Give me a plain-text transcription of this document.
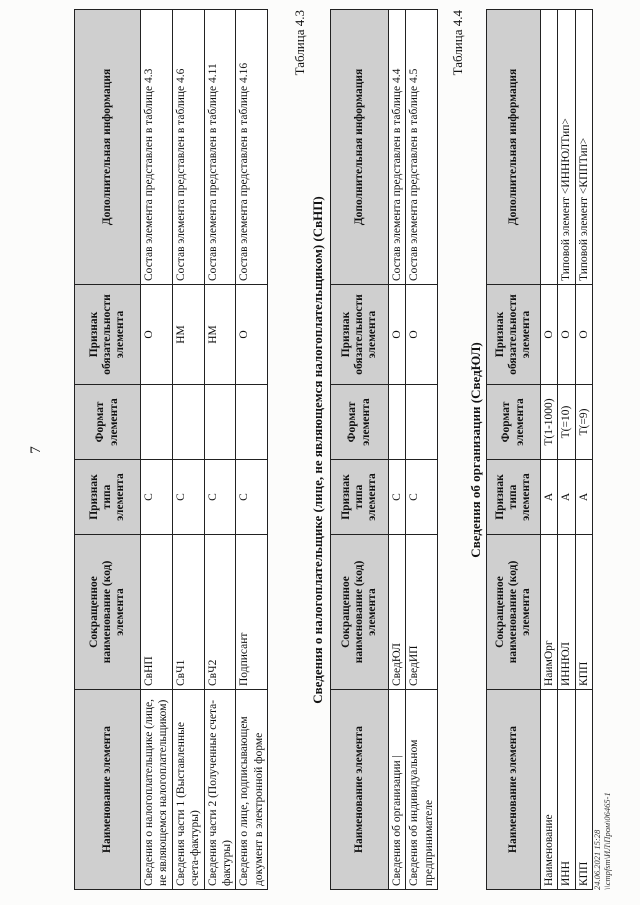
7
Наименование элемента	Сокращенное наименование (код) элемента	Признак типа элемента	Формат элемента	Признак обязательности элемента	Дополнительная информация
Сведения о налогоплательщике (лице, не являющемся налогоплательщиком)	СвНП	С		О	Состав элемента представлен в таблице 4.3
Сведения части 1 (Выставленные счета-фактуры)	СвЧ1	С		НМ	Состав элемента представлен в таблице 4.6
Сведения части 2 (Полученные счета-фактуры)	СвЧ2	С		НМ	Состав элемента представлен в таблице 4.11
Сведения о лице, подписывающем документ в электронной форме	Подписант	С		О	Состав элемента представлен в таблице 4.16
Таблица 4.3
Сведения о налогоплательщике (лице, не являющемся налогоплательщиком) (СвНП)
Наименование элемента	Сокращенное наименование (код) элемента	Признак типа элемента	Формат элемента	Признак обязательности элемента	Дополнительная информация
Сведения об организации |	СведЮЛ	С		О	Состав элемента представлен в таблице 4.4
Сведения об индивидуальном предпринимателе	СведИП	С		О	Состав элемента представлен в таблице 4.5
Таблица 4.4
Сведения об организации (СведЮЛ)
Наименование элемента	Сокращенное наименование (код) элемента	Признак типа элемента	Формат элемента	Признак обязательности элемента	Дополнительная информация
Наименование	НаимОрг	А	Т(1-1000)	О	
ИНН	ИННЮЛ	А	Т(=10)	О	Типовой элемент <ИННЮЛТип>
КПП	КПП	А	Т(=9)	О	Типовой элемент <КППТип>
24.06.2021 15:28 \\cmpfsm\ИЛ\Пром\06465-1
